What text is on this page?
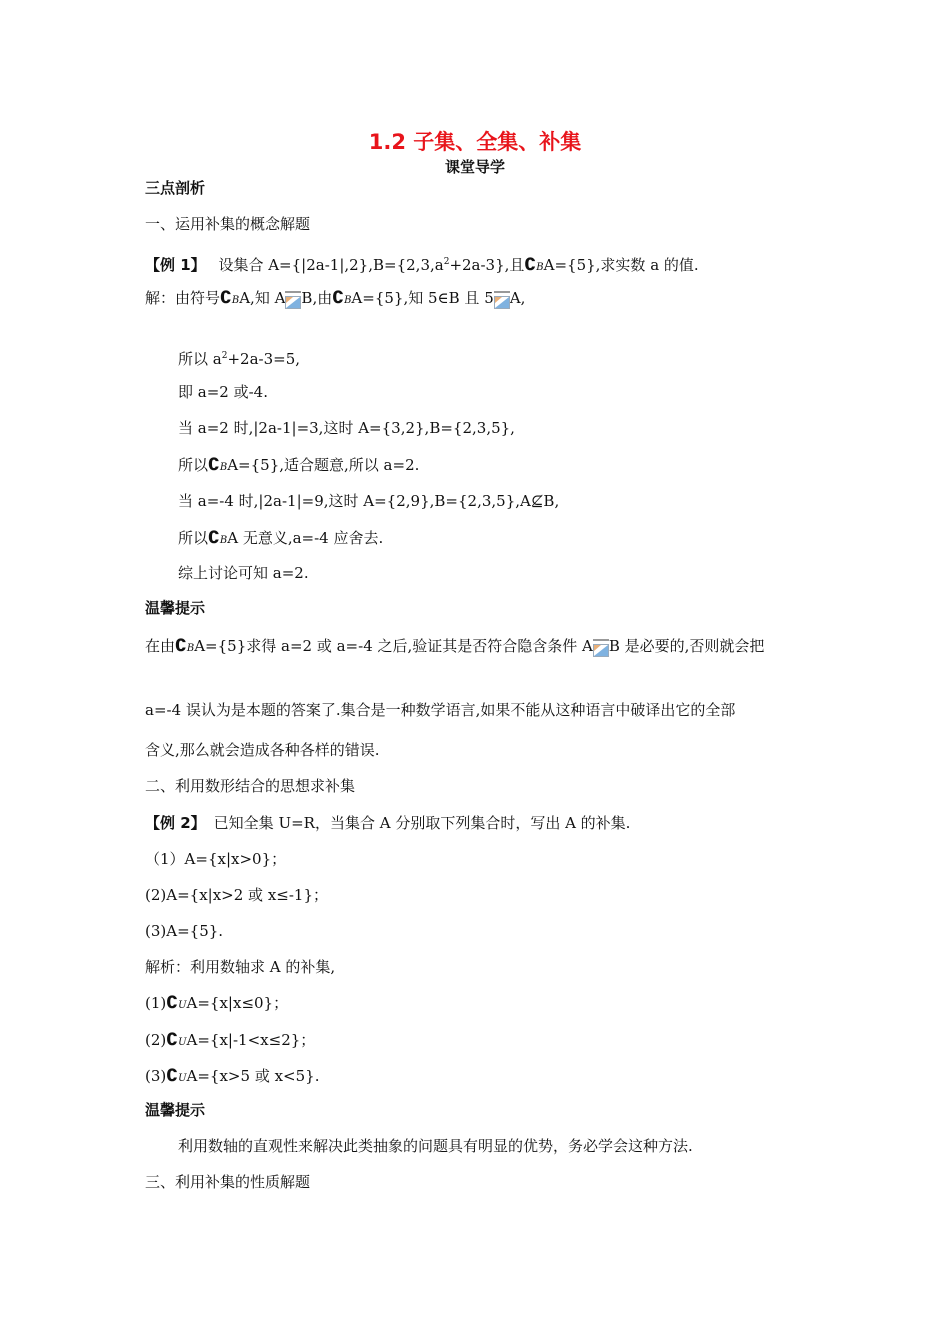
1.2 子集、全集、补集
课堂导学
三点剖析
一、运用补集的概念解题
【例 1】 设集合 $A=\{|2a-1|,2\},B=\{2,3,a^2+2a-3\}$,且∁BA={5},求实数 a 的值.
解：由符号∁BA,知 A B,由∁BA={5},知 5∈B 且 5 A,
所以 $a^2+2a-3=5$,
即 a=2 或-4.
当 a=2 时,|2a-1|=3,这时 A={3,2},B={2,3,5},
所以∁BA={5},适合题意,所以 a=2.
当 a=-4 时,|2a-1|=9,这时 A={2,9},B={2,3,5},A⊈B,
所以∁BA 无意义,a=-4 应舍去.
综上讨论可知 a=2.
温馨提示
在由∁BA={5}求得 a=2 或 a=-4 之后,验证其是否符合隐含条件 A B 是必要的,否则就会把
a=-4 误认为是本题的答案了.集合是一种数学语言,如果不能从这种语言中破译出它的全部
含义,那么就会造成各种各样的错误.
二、利用数形结合的思想求补集
【例 2】 已知全集 U=R，当集合 A 分别取下列集合时，写出 A 的补集.
（1）A={x|x>0}；
(2)A={x|x>2 或 x≤-1}；
(3)A={5}.
解析：利用数轴求 A 的补集,
(1)∁UA={x|x≤0}；
(2)∁UA={x|-1<x≤2}；
(3)∁UA={x>5 或 x<5}.
温馨提示
利用数轴的直观性来解决此类抽象的问题具有明显的优势，务必学会这种方法.
三、利用补集的性质解题
